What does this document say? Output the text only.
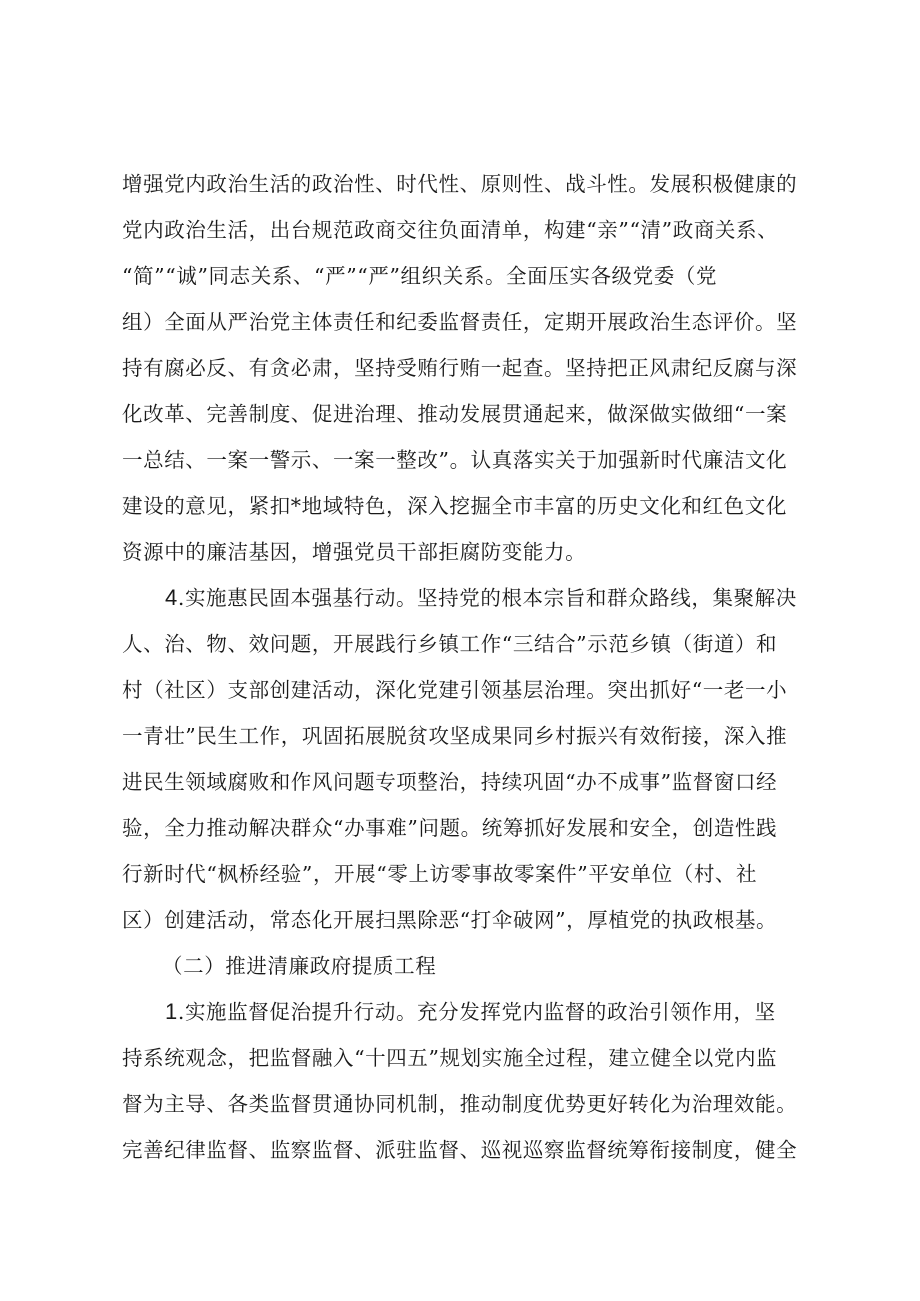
增强党内政治生活的政治性、时代性、原则性、战斗性。发展积极健康的
党内政治生活，出台规范政商交往负面清单，构建“亲”“清”政商关系、
“简”“诚”同志关系、“严”“严”组织关系。全面压实各级党委（党
组）全面从严治党主体责任和纪委监督责任，定期开展政治生态评价。坚
持有腐必反、有贪必肃，坚持受贿行贿一起查。坚持把正风肃纪反腐与深
化改革、完善制度、促进治理、推动发展贯通起来，做深做实做细“一案
一总结、一案一警示、一案一整改”。认真落实关于加强新时代廉洁文化
建设的意见，紧扣*地域特色，深入挖掘全市丰富的历史文化和红色文化
资源中的廉洁基因，增强党员干部拒腐防变能力。
4.实施惠民固本强基行动。坚持党的根本宗旨和群众路线，集聚解决
人、治、物、效问题，开展践行乡镇工作“三结合”示范乡镇（街道）和
村（社区）支部创建活动，深化党建引领基层治理。突出抓好“一老一小
一青壮”民生工作，巩固拓展脱贫攻坚成果同乡村振兴有效衔接，深入推
进民生领域腐败和作风问题专项整治，持续巩固“办不成事”监督窗口经
验，全力推动解决群众“办事难”问题。统筹抓好发展和安全，创造性践
行新时代“枫桥经验”，开展“零上访零事故零案件”平安单位（村、社
区）创建活动，常态化开展扫黑除恶“打伞破网”，厚植党的执政根基。
（二）推进清廉政府提质工程
1.实施监督促治提升行动。充分发挥党内监督的政治引领作用，坚
持系统观念，把监督融入“十四五”规划实施全过程，建立健全以党内监
督为主导、各类监督贯通协同机制，推动制度优势更好转化为治理效能。
完善纪律监督、监察监督、派驻监督、巡视巡察监督统筹衔接制度，健全
